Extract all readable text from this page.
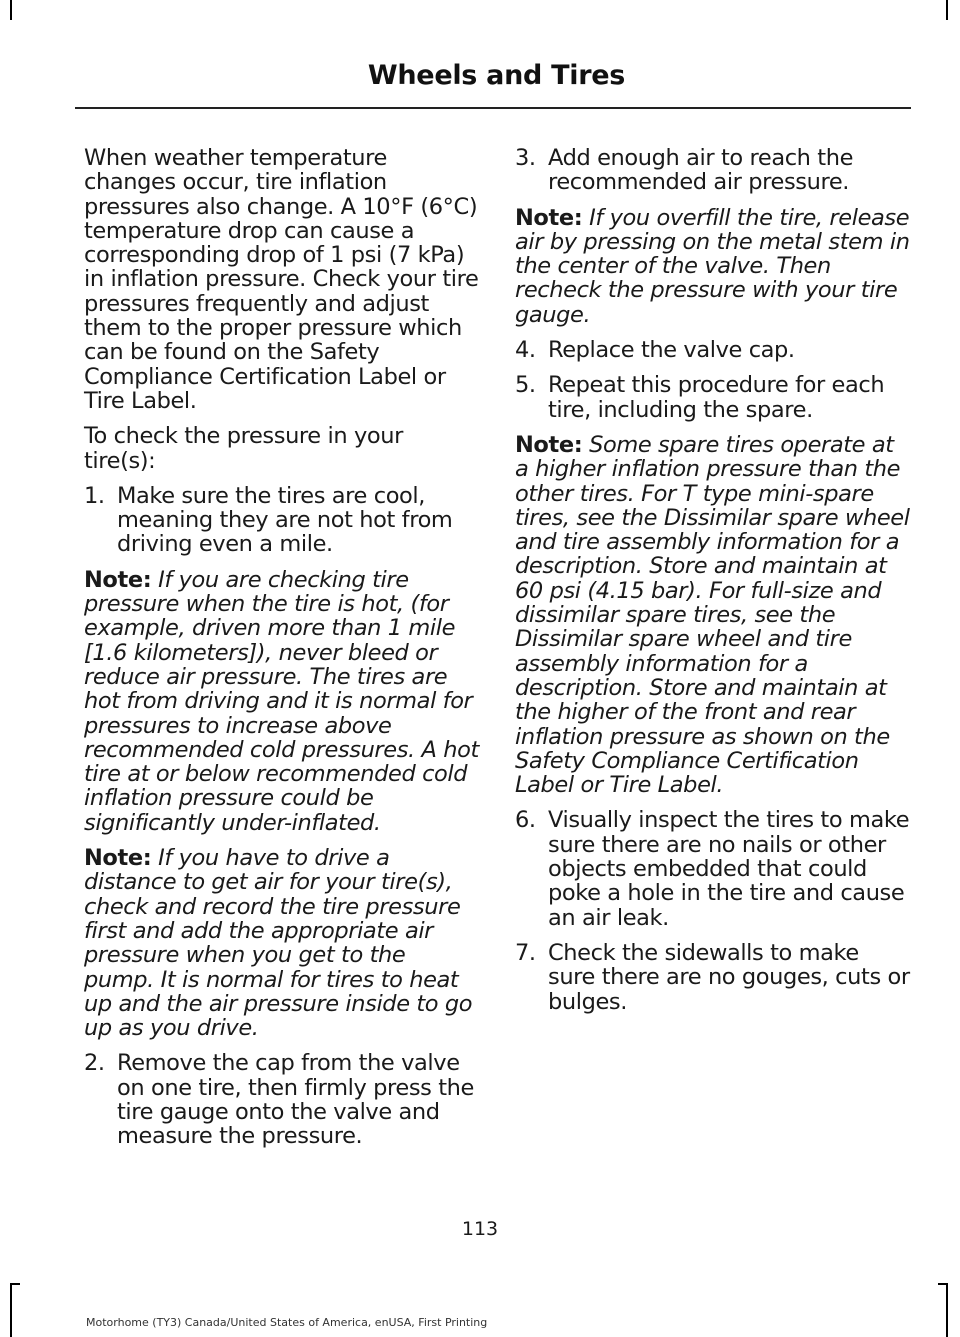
Wheels and Tires

When weather temperature changes occur, tire inflation pressures also change. A 10°F (6°C) temperature drop can cause a corresponding drop of 1 psi (7 kPa) in inflation pressure. Check your tire pressures frequently and adjust them to the proper pressure which can be found on the Safety Compliance Certification Label or Tire Label.

To check the pressure in your tire(s):

1. Make sure the tires are cool, meaning they are not hot from driving even a mile.

Note: If you are checking tire pressure when the tire is hot, (for example, driven more than 1 mile [1.6 kilometers]), never bleed or reduce air pressure. The tires are hot from driving and it is normal for pressures to increase above recommended cold pressures. A hot tire at or below recommended cold inflation pressure could be significantly under-inflated.

Note: If you have to drive a distance to get air for your tire(s), check and record the tire pressure first and add the appropriate air pressure when you get to the pump. It is normal for tires to heat up and the air pressure inside to go up as you drive.

2. Remove the cap from the valve on one tire, then firmly press the tire gauge onto the valve and measure the pressure.
3. Add enough air to reach the recommended air pressure.

Note: If you overfill the tire, release air by pressing on the metal stem in the center of the valve. Then recheck the pressure with your tire gauge.

4. Replace the valve cap.
5. Repeat this procedure for each tire, including the spare.

Note: Some spare tires operate at a higher inflation pressure than the other tires. For T type mini-spare tires, see the Dissimilar spare wheel and tire assembly information for a description. Store and maintain at 60 psi (4.15 bar). For full-size and dissimilar spare tires, see the Dissimilar spare wheel and tire assembly information for a description. Store and maintain at the higher of the front and rear inflation pressure as shown on the Safety Compliance Certification Label or Tire Label.

6. Visually inspect the tires to make sure there are no nails or other objects embedded that could poke a hole in the tire and cause an air leak.
7. Check the sidewalls to make sure there are no gouges, cuts or bulges.
113
Motorhome (TY3) Canada/United States of America, enUSA, First Printing
